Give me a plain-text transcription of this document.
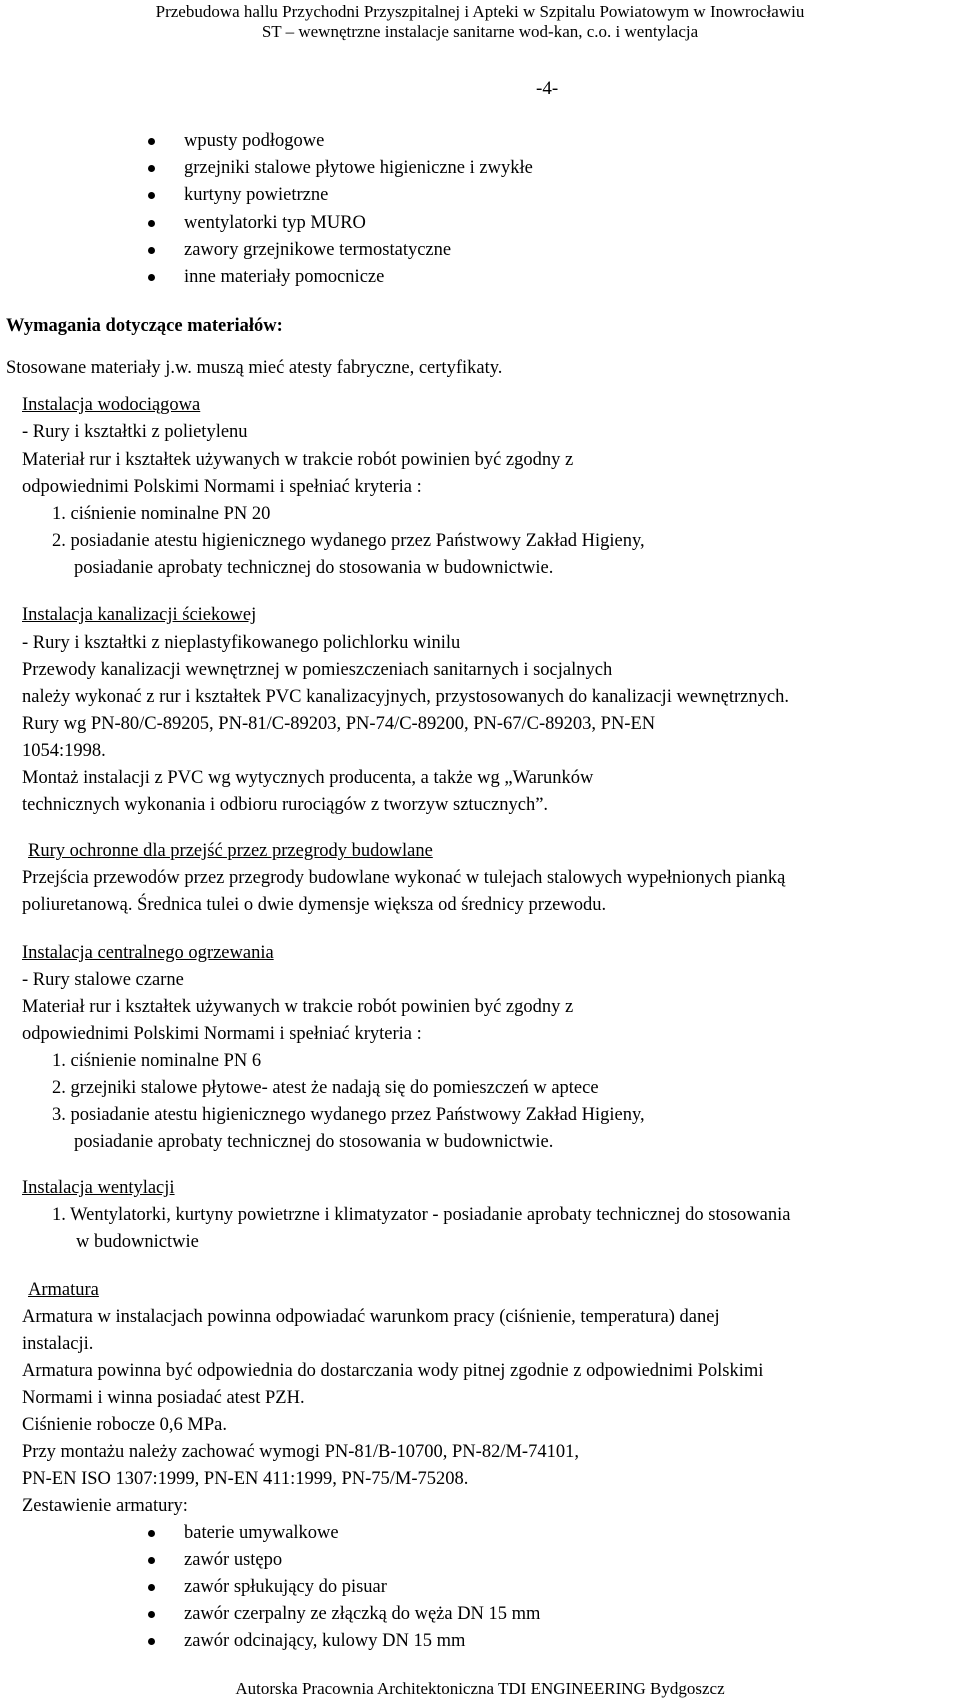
Przebudowa hallu Przychodni Przyszpitalnej i Apteki w Szpitalu Powiatowym w Inowrocławiu
ST – wewnętrzne instalacje sanitarne wod-kan, c.o. i wentylacja
-4-
wpusty podłogowe
grzejniki stalowe płytowe higieniczne i zwykłe
kurtyny powietrzne
wentylatorki typ MURO
zawory grzejnikowe termostatyczne
inne materiały pomocnicze
Wymagania dotyczące materiałów:
Stosowane materiały j.w. muszą mieć atesty fabryczne, certyfikaty.
Instalacja wodociągowa
- Rury i kształtki z polietylenu
Materiał rur i kształtek używanych w trakcie robót powinien być zgodny z
odpowiednimi Polskimi Normami i spełniać kryteria :
1. ciśnienie nominalne PN 20
2. posiadanie atestu higienicznego wydanego przez Państwowy Zakład Higieny,
posiadanie aprobaty technicznej do stosowania w budownictwie.
Instalacja kanalizacji ściekowej
- Rury i kształtki z nieplastyfikowanego polichlorku winilu
Przewody kanalizacji wewnętrznej w pomieszczeniach sanitarnych i socjalnych
należy wykonać z rur i kształtek PVC kanalizacyjnych, przystosowanych do kanalizacji wewnętrznych.
Rury wg PN-80/C-89205, PN-81/C-89203, PN-74/C-89200, PN-67/C-89203, PN-EN
1054:1998.
Montaż instalacji z PVC wg wytycznych producenta, a także wg „Warunków
technicznych wykonania i odbioru rurociągów z tworzyw sztucznych”.
Rury ochronne dla przejść przez przegrody budowlane
Przejścia przewodów przez przegrody budowlane wykonać w tulejach stalowych wypełnionych pianką
poliuretanową. Średnica tulei o dwie dymensje większa od średnicy przewodu.
Instalacja centralnego ogrzewania
- Rury stalowe czarne
Materiał rur i kształtek używanych w trakcie robót powinien być zgodny z
odpowiednimi Polskimi Normami i spełniać kryteria :
1. ciśnienie nominalne PN 6
2. grzejniki stalowe płytowe- atest że nadają się do pomieszczeń w aptece
3. posiadanie atestu higienicznego wydanego przez Państwowy Zakład Higieny,
posiadanie aprobaty technicznej do stosowania w budownictwie.
Instalacja wentylacji
1. Wentylatorki, kurtyny powietrzne i klimatyzator - posiadanie aprobaty technicznej do stosowania
w budownictwie
Armatura
Armatura w instalacjach powinna odpowiadać warunkom pracy (ciśnienie, temperatura) danej
instalacji.
Armatura powinna być odpowiednia do dostarczania wody pitnej zgodnie z odpowiednimi Polskimi
Normami i winna posiadać atest PZH.
Ciśnienie robocze 0,6 MPa.
Przy montażu należy zachować wymogi PN-81/B-10700, PN-82/M-74101,
PN-EN ISO 1307:1999, PN-EN 411:1999, PN-75/M-75208.
Zestawienie armatury:
baterie umywalkowe
zawór ustępo
zawór spłukujący do pisuar
zawór czerpalny ze złączką do węża DN 15 mm
zawór odcinający, kulowy DN 15 mm
Autorska Pracownia Architektoniczna TDI ENGINEERING Bydgoszcz
